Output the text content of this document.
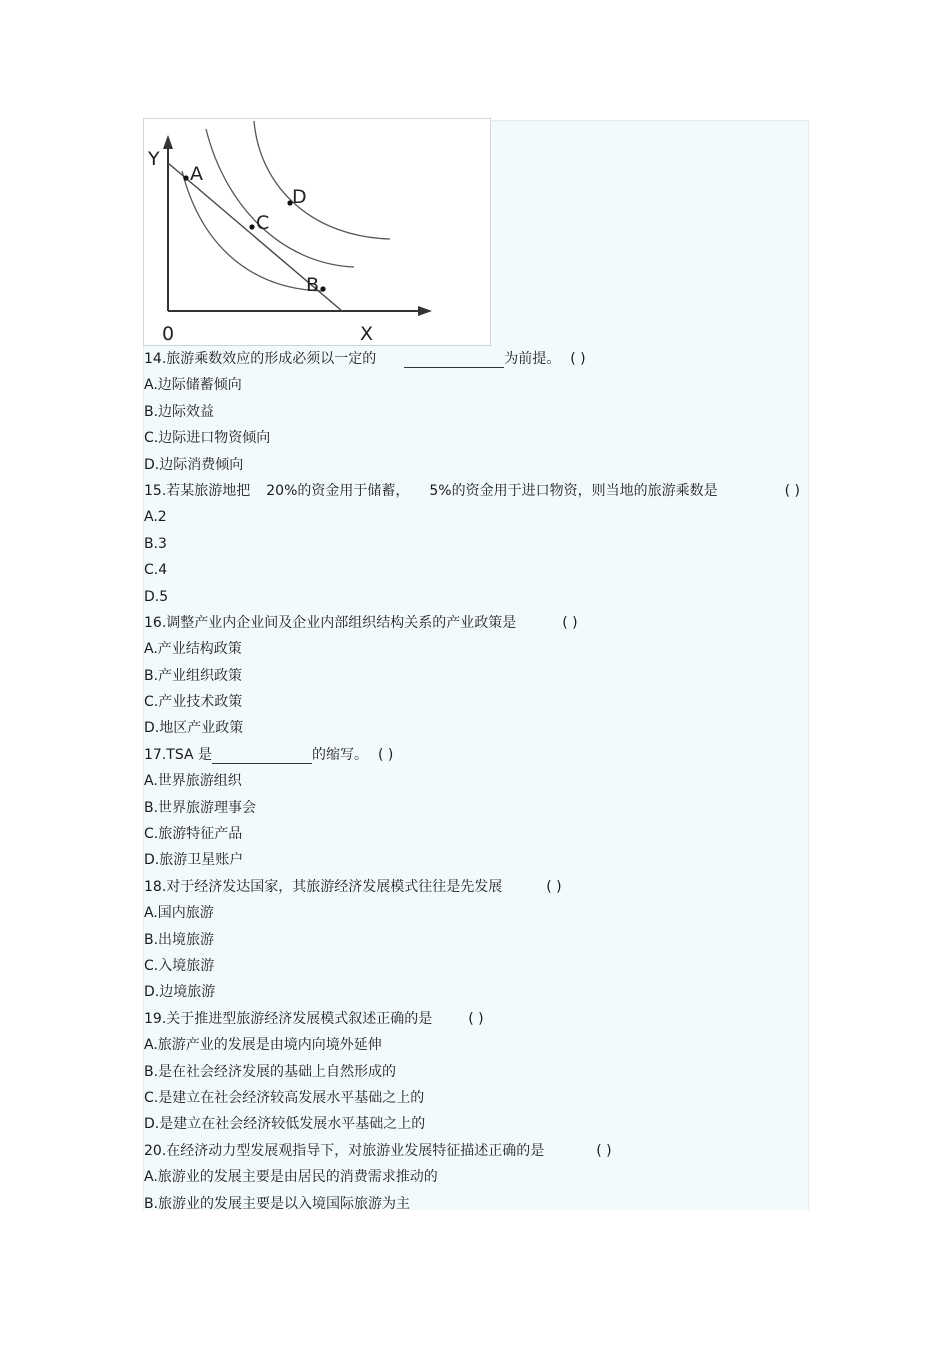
Y
X
0
A
B
C
D
14.旅游乘数效应的形成必须以一定的	为前提。 ( )
A.边际储蓄倾向
B.边际效益
C.边际进口物资倾向
D.边际消费倾向
15.若某旅游地把 20%的资金用于储蓄， 5%的资金用于进口物资，则当地的旅游乘数是	( )
A.2
B.3
C.4
D.5
16.调整产业内企业间及企业内部组织结构关系的产业政策是	( )
A.产业结构政策
B.产业组织政策
C.产业技术政策
D.地区产业政策
17.TSA 是	的缩写。 ( )
A.世界旅游组织
B.世界旅游理事会
C.旅游特征产品
D.旅游卫星账户
18.对于经济发达国家，其旅游经济发展模式往往是先发展	( )
A.国内旅游
B.出境旅游
C.入境旅游
D.边境旅游
19.关于推进型旅游经济发展模式叙述正确的是	( )
A.旅游产业的发展是由境内向境外延伸
B.是在社会经济发展的基础上自然形成的
C.是建立在社会经济较高发展水平基础之上的
D.是建立在社会经济较低发展水平基础之上的
20.在经济动力型发展观指导下，对旅游业发展特征描述正确的是	( )
A.旅游业的发展主要是由居民的消费需求推动的
B.旅游业的发展主要是以入境国际旅游为主
